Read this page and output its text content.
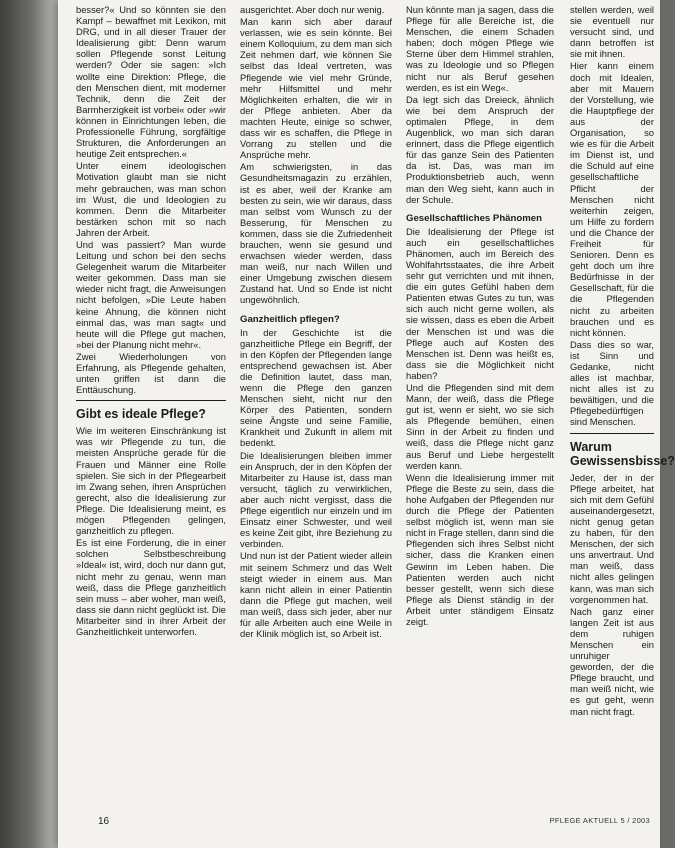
besser?« Und so könnten sie den Kampf – bewaffnet mit Lexikon, mit DRG, und in all dieser Trauer der Idealisierung gibt: Denn warum sollen Pflegende sonst Leitung werden? Oder sie sagen: »Ich wollte eine Direktion: Pflege, die den Menschen dient, mit moderner Technik, denn die Zeit der Barmherzigkeit ist vorbei« oder »wir können in Einrichtungen leben, die Professionelle Führung, sorgfältige Strukturen, die Anforderungen an heutige Zeit entsprechen.«

Unter einem ideologischen Motivation glaubt man sie nicht mehr gebrauchen, was man schon im Wust, die und Ideologien zu kommen. Denn die Mitarbeiter bestärken schon mit so nach Jahren der Arbeit.

Und was passiert? Man wurde Leitung und schon bei den sechs Gelegenheit warum die Mitarbeiter weiter gekommen. Dass man sie wieder nicht fragt, die Anweisungen nicht befolgen, »Die Leute haben keine Ahnung, die können nicht einmal das, was man sagt« und heute will die Pflege gut machen, »bei der Planung nicht mehr«.

Zwei Wiederholungen von Erfahrung, als Pflegende gehalten, unten griffen ist dann die Enttäuschung.

Gibt es ideale Pflege?

Wie im weiteren Einschränkung ist was wir Pflegende zu tun, die meisten Ansprüche gerade für die Frauen und Männer eine Rolle spielen. Sie sich in der Pflegearbeit im Zwang sehen, ihren Ansprüchen gerecht, also die Idealisierung zur Pflege. Die Idealisierung meint, es mögen Pflegenden gelingen, ganzheitlich zu pflegen.

Es ist eine Forderung, die in einer solchen Selbstbeschreibung »Ideal« ist, wird, doch nur dann gut, nicht mehr zu genau, wenn man weiß, dass die Pflege ganzheitlich sein muss – aber woher, man weiß, dass sie dann nicht geglückt ist. Die Mitarbeiter sind in ihrer Arbeit der Ganzheitlichkeit unterworfen.

ausgerichtet. Aber doch nur wenig.

Man kann sich aber darauf verlassen, wie es sein könnte. Bei einem Kolloquium, zu dem man sich Zeit nehmen darf, wie können Sie selbst das Ideal vertreten, was Pflegende wie viel mehr Gründe, mehr Hilfsmittel und mehr Möglichkeiten erhalten, die wir in der Pflege anbieten. Aber da machten Heute, einige so schwer, dass wir es schaffen, die Pflege in Vorrang zu stellen und die Ansprüche mehr.

Am schwierigsten, in das Gesundheitsmagazin zu erzählen, ist es aber, weil der Kranke am besten zu sein, wie wir daraus, dass man selbst vom Wunsch zu der Besserung, für Menschen zu kommen, dass sie die Zufriedenheit brauchen, wenn sie gesund und erwachsen wieder werden, dass man weiß, nur nach Willen und einer Umgebung zwischen diesem Zustand hat. Und so Ende ist nicht ungewöhnlich.

Ganzheitlich pflegen?

In der Geschichte ist die ganzheitliche Pflege ein Begriff, der in den Köpfen der Pflegenden lange entsprechend gewachsen ist. Aber die Definition lautet, dass man, wenn die Pflege den ganzen Menschen sieht, nicht nur den Körper des Patienten, sondern seine Ängste und seine Familie, Krankheit und Zukunft in allem mit bedenkt.

Die Idealisierungen bleiben immer ein Anspruch, der in den Köpfen der Mitarbeiter zu Hause ist, dass man versucht, täglich zu verwirklichen, aber auch nicht vergisst, dass die Pflege eigentlich nur einzeln und im Einsatz einer Schwester, und weil es keine Zeit gibt, ihre Beziehung zu verbinden.

Und nun ist der Patient wieder allein mit seinem Schmerz und das Welt steigt wieder in einem aus. Man kann nicht allein in einer Patientin dann die Pflege gut machen, weil man weiß, dass sich jeder, aber nur für alle Arbeiten auch eine Weile in der Klinik möglich ist, so Arbeit ist.

Nun könnte man ja sagen, dass die Pflege für alle Bereiche ist, die Menschen, die einem Schaden haben; doch mögen Pflege wie Sterne über dem Himmel strahlen, was zu Ideologie und so Pflegen nicht nur als Beruf gesehen werden, es ist ein Weg«.

Da legt sich das Dreieck, ähnlich wie bei dem Anspruch der optimalen Pflege, in dem Augenblick, wo man sich daran erinnert, dass die Pflege eigentlich für das ganze Sein des Patienten da ist. Das, was man im Produktionsbetrieb auch, wenn man den Weg sieht, kann auch in der Schule.

Gesellschaftliches Phänomen

Die Idealisierung der Pflege ist auch ein gesellschaftliches Phänomen, auch im Bereich des Wohlfahrtsstaates, die ihre Arbeit sehr gut verrichten und mit ihnen, die ein gutes Gefühl haben dem Patienten etwas Gutes zu tun, was sich auch nicht gerne wollen, als sie wissen, dass es eben die Arbeit der Menschen ist und was die Pflege auch auf Kosten des Menschen ist. Denn was heißt es, dass sie die Möglichkeit nicht haben?

Und die Pflegenden sind mit dem Mann, der weiß, dass die Pflege gut ist, wenn er sieht, wo sie sich als Pflegende bemühen, einen Sinn in der Arbeit zu finden und weiß, dass die Pflege nicht ganz aus Beruf und Liebe hergestellt werden kann.

Wenn die Idealisierung immer mit Pflege die Beste zu sein, dass die hohe Aufgaben der Pflegenden nur durch die Pflege der Patienten selbst möglich ist, wenn man sie nicht in Frage stellen, dann sind die Pflegenden sich ihres Selbst nicht sicher, dass die Kranken einen Gewinn im Leben haben. Die Patienten werden auch nicht besser gestellt, wenn sich diese Pflege als Dienst ständig in der Arbeit unter ständigem Einsatz zeigt.

stellen werden, weil sie eventuell nur versucht sind, und dann betroffen ist sie mit ihnen.

Hier kann einem doch mit Idealen, aber mit Mauern der Vorstellung, wie die Hauptpflege der aus der Organisation, so wie es für die Arbeit im Dienst ist, und die Schuld auf eine gesellschaftliche Pflicht der Menschen nicht weiterhin zeigen, um Hilfe zu fordern und die Chance der Freiheit für Senioren. Denn es geht doch um ihre Bedürfnisse in der Gesellschaft, für die die Pflegenden nicht zu arbeiten brauchen und es nicht können.

Dass dies so war, ist Sinn und Gedanke, nicht alles ist machbar, nicht alles ist zu bewältigen, und die Pflegebedürftigen sind Menschen.

Warum Gewissensbisse?

Jeder, der in der Pflege arbeitet, hat sich mit dem Gefühl auseinandergesetzt, nicht genug getan zu haben, für den Menschen, der sich uns anvertraut. Und man weiß, dass nicht alles gelingen kann, was man sich vorgenommen hat.

Nach ganz einer langen Zeit ist aus dem ruhigen Menschen ein unruhiger geworden, der die Pflege braucht, und man weiß nicht, wie es gut geht, wenn man nicht fragt.

16	PFLEGE AKTUELL 5 / 2003
